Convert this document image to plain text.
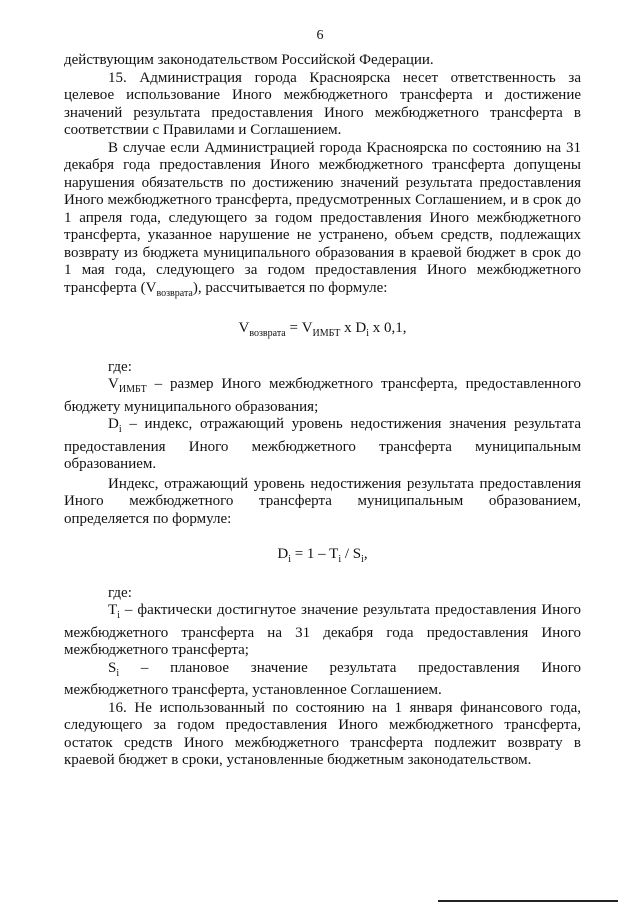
6

действующим законодательством Российской Федерации.

15. Администрация города Красноярска несет ответственность за целевое использование Иного межбюджетного трансферта и достижение значений результата предоставления Иного межбюджетного трансферта в соответствии с Правилами и Соглашением.

В случае если Администрацией города Красноярска по состоянию на 31 декабря года предоставления Иного межбюджетного трансферта допущены нарушения обязательств по достижению значений результата предоставления Иного межбюджетного трансферта, предусмотренных Соглашением, и в срок до 1 апреля года, следующего за годом предоставления Иного межбюджетного трансферта, указанное нарушение не устранено, объем средств, подлежащих возврату из бюджета муниципального образования в краевой бюджет в срок до 1 мая года, следующего за годом предоставления Иного межбюджетного трансферта $(V_{возврата})$, рассчитывается по формуле:

$V_{возврата} = V_{ИМБТ}$ x $D_i$ x 0,1,

где:

$V_{ИМБТ}$ – размер Иного межбюджетного трансферта, предоставленного бюджету муниципального образования;

$D_i$ – индекс, отражающий уровень недостижения значения результата предоставления Иного межбюджетного трансферта муниципальным образованием.

Индекс, отражающий уровень недостижения результата предоставления Иного межбюджетного трансферта муниципальным образованием, определяется по формуле:

$D_i = 1 - T_i / S_i$,

где:

$T_i$ – фактически достигнутое значение результата предоставления Иного межбюджетного трансферта на 31 декабря года предоставления Иного межбюджетного трансферта;

$S_i$ – плановое значение результата предоставления Иного межбюджетного трансферта, установленное Соглашением.

16. Не использованный по состоянию на 1 января финансового года, следующего за годом предоставления Иного межбюджетного трансферта, остаток средств Иного межбюджетного трансферта подлежит возврату в краевой бюджет в сроки, установленные бюджетным законодательством.
